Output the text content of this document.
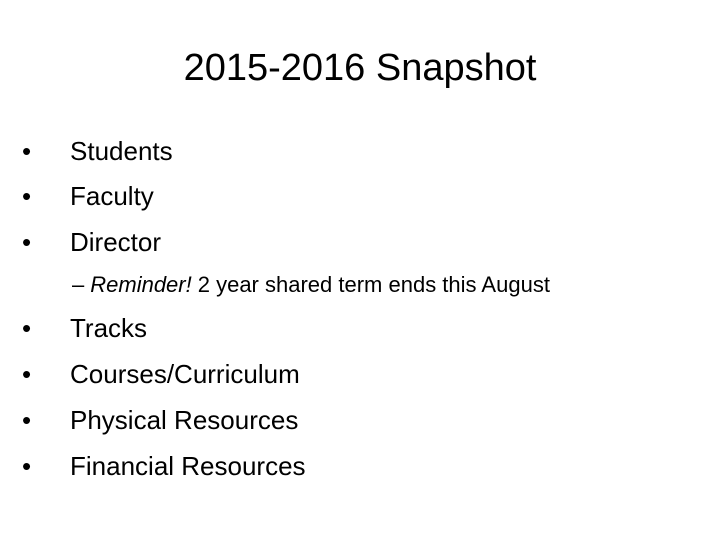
2015-2016 Snapshot
•	Students
•	Faculty
•	Director
– Reminder! 2 year shared term ends this August
•	Tracks
•	Courses/Curriculum
•	Physical Resources
•	Financial Resources
